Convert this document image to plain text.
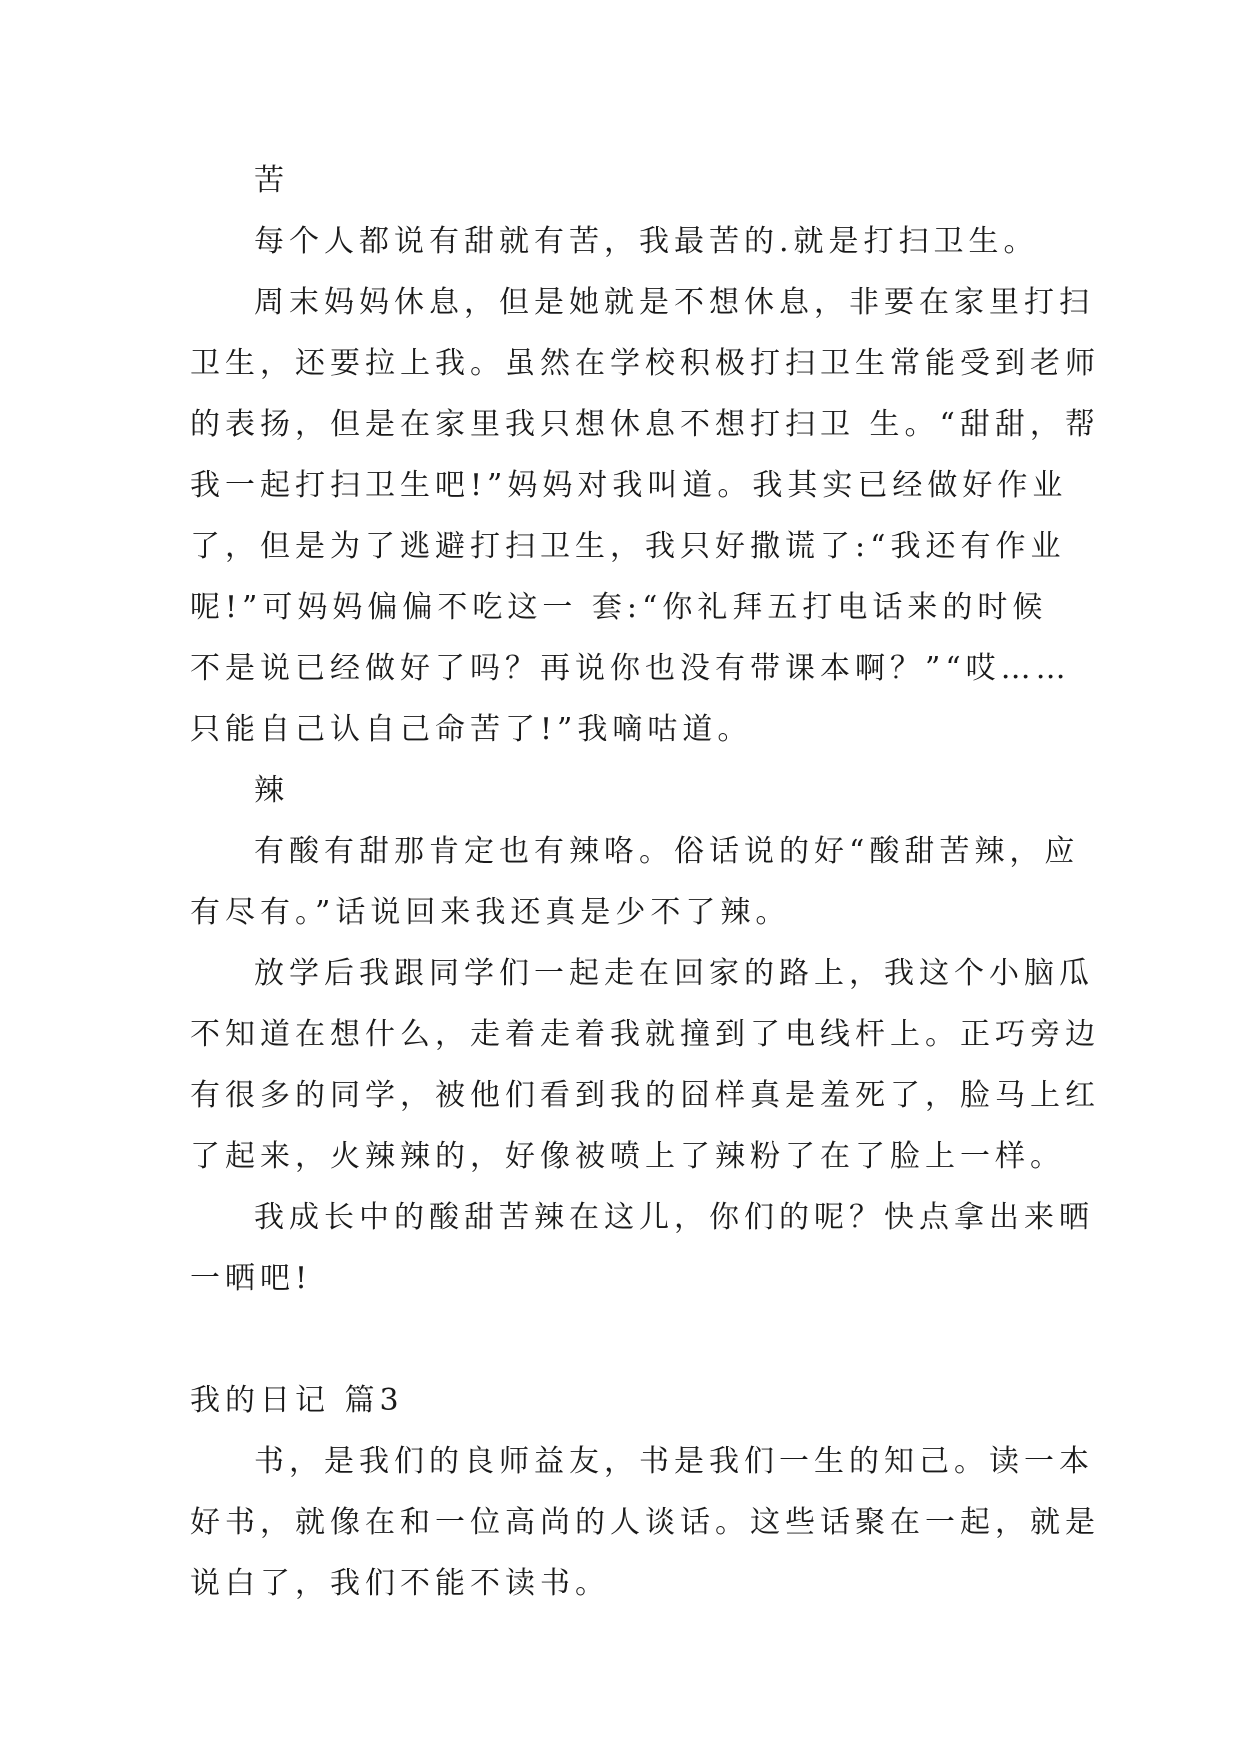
苦

每个人都说有甜就有苦，我最苦的.就是打扫卫生。

周末妈妈休息，但是她就是不想休息，非要在家里打扫

卫生，还要拉上我。虽然在学校积极打扫卫生常能受到老师

的表扬，但是在家里我只想休息不想打扫卫 生。“甜甜，帮

我一起打扫卫生吧!”妈妈对我叫道。我其实已经做好作业

了，但是为了逃避打扫卫生，我只好撒谎了:“我还有作业

呢!”可妈妈偏偏不吃这一 套:“你礼拜五打电话来的时候

不是说已经做好了吗？再说你也没有带课本啊？”“哎……

只能自己认自己命苦了!”我嘀咕道。

辣

有酸有甜那肯定也有辣咯。俗话说的好“酸甜苦辣，应

有尽有。”话说回来我还真是少不了辣。

放学后我跟同学们一起走在回家的路上，我这个小脑瓜

不知道在想什么，走着走着我就撞到了电线杆上。正巧旁边

有很多的同学，被他们看到我的囧样真是羞死了，脸马上红

了起来，火辣辣的，好像被喷上了辣粉了在了脸上一样。

我成长中的酸甜苦辣在这儿，你们的呢？快点拿出来晒

一晒吧!

我的日记 篇3

书，是我们的良师益友，书是我们一生的知己。读一本

好书，就像在和一位高尚的人谈话。这些话聚在一起，就是

说白了，我们不能不读书。
